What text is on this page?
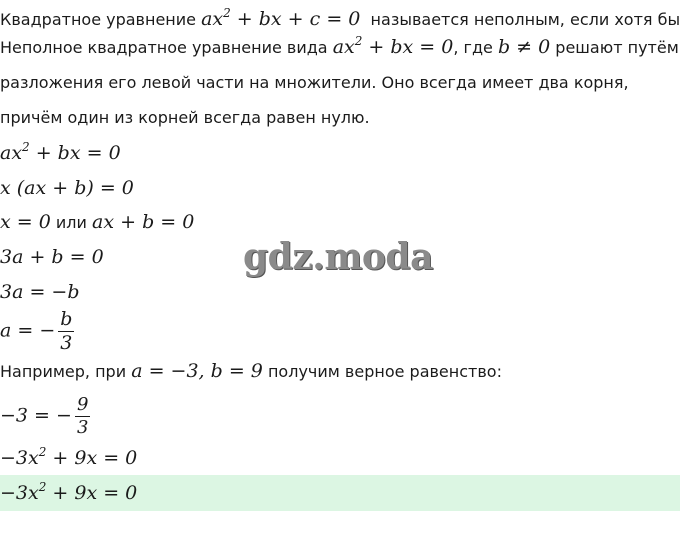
Квадратное уравнение $ax^2$ + bx + c = 0 называется неполным, если хотя бы
Неполное квадратное уравнение вида $ax^2$ + bx = 0, где b ≠ 0 решают путём
разложения его левой части на множители. Оно всегда имеет два корня,
причём один из корней всегда равен нулю.
$ax^2$ + bx = 0
x (ax + b) = 0
x = 0 или ax + b = 0
3a + b = 0
3a = −b
a = − $\frac{b}{3}$
Например, при a = −3, b = 9 получим верное равенство:
−3 = − $\frac{9}{3}$
$-3x^2 + 9x = 0$
$-3x^2 + 9x = 0$
gdz.moda
